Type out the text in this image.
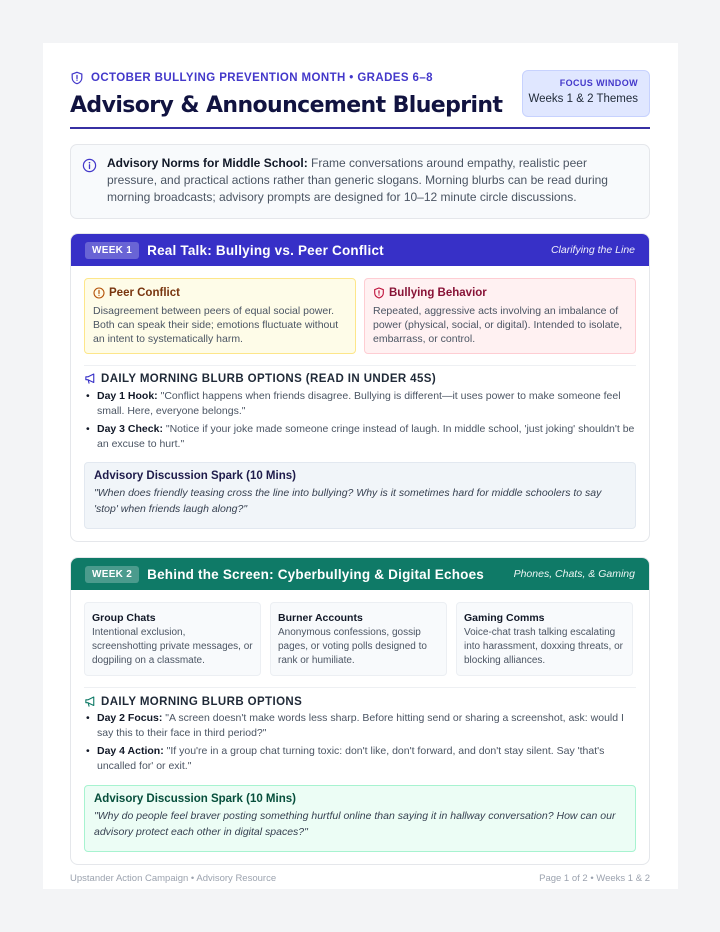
OCTOBER BULLYING PREVENTION MONTH • GRADES 6–8
Advisory & Announcement Blueprint
FOCUS WINDOW
Weeks 1 & 2 Themes
Advisory Norms for Middle School: Frame conversations around empathy, realistic peer pressure, and practical actions rather than generic slogans. Morning blurbs can be read during morning broadcasts; advisory prompts are designed for 10–12 minute circle discussions.
WEEK 1	Real Talk: Bullying vs. Peer Conflict	Clarifying the Line
Peer Conflict
Disagreement between peers of equal social power. Both can speak their side; emotions fluctuate without an intent to systematically harm.
Bullying Behavior
Repeated, aggressive acts involving an imbalance of power (physical, social, or digital). Intended to isolate, embarrass, or control.
DAILY MORNING BLURB OPTIONS (READ IN UNDER 45S)
• Day 1 Hook: "Conflict happens when friends disagree. Bullying is different—it uses power to make someone feel small. Here, everyone belongs."
• Day 3 Check: "Notice if your joke made someone cringe instead of laugh. In middle school, 'just joking' shouldn't be an excuse to hurt."
Advisory Discussion Spark (10 Mins)
"When does friendly teasing cross the line into bullying? Why is it sometimes hard for middle schoolers to say 'stop' when friends laugh along?"
WEEK 2	Behind the Screen: Cyberbullying & Digital Echoes	Phones, Chats, & Gaming
Group Chats
Intentional exclusion, screenshotting private messages, or dogpiling on a classmate.
Burner Accounts
Anonymous confessions, gossip pages, or voting polls designed to rank or humiliate.
Gaming Comms
Voice-chat trash talking escalating into harassment, doxxing threats, or blocking alliances.
DAILY MORNING BLURB OPTIONS
• Day 2 Focus: "A screen doesn't make words less sharp. Before hitting send or sharing a screenshot, ask: would I say this to their face in third period?"
• Day 4 Action: "If you're in a group chat turning toxic: don't like, don't forward, and don't stay silent. Say 'that's uncalled for' or exit."
Advisory Discussion Spark (10 Mins)
"Why do people feel braver posting something hurtful online than saying it in hallway conversation? How can our advisory protect each other in digital spaces?"
Upstander Action Campaign • Advisory Resource	Page 1 of 2 • Weeks 1 & 2
